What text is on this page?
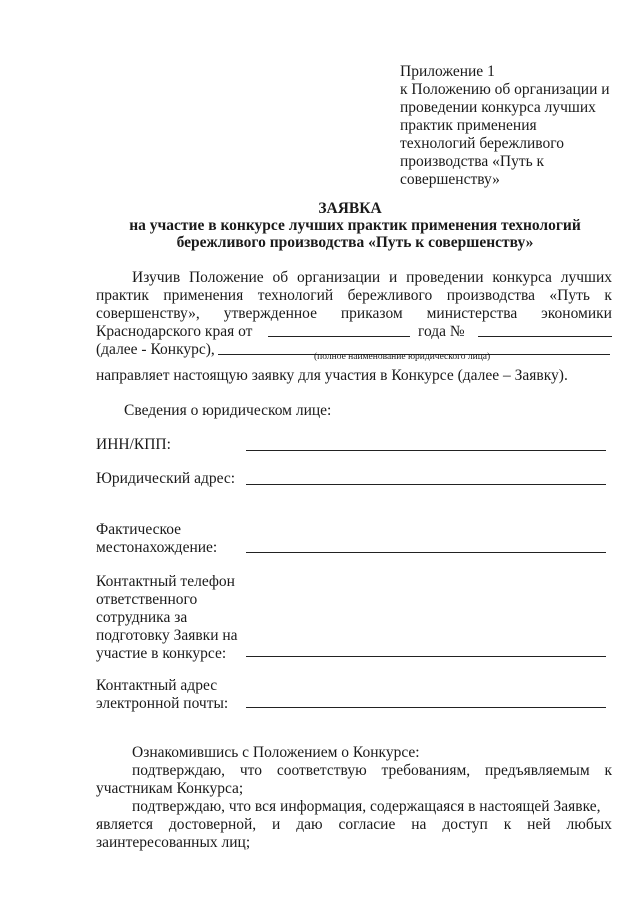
Приложение 1
к Положению об организации и
проведении конкурса лучших
практик применения
технологий бережливого
производства «Путь к
совершенству»
ЗАЯВКА
на участие в конкурсе лучших практик применения технологий
бережливого производства «Путь к совершенству»
Изучив Положение об организации и проведении конкурса лучших
практик применения технологий бережливого производства «Путь к
совершенству», утвержденное приказом министерства экономики
Краснодарского края от	года №
(далее - Конкурс),	(полное наименование юридического лица)
направляет настоящую заявку для участия в Конкурсе (далее – Заявку).
Сведения о юридическом лице:
ИНН/КПП:
Юридический адрес:
Фактическое
местонахождение:
Контактный телефон
ответственного
сотрудника за
подготовку Заявки на
участие в конкурсе:
Контактный адрес
электронной почты:
Ознакомившись с Положением о Конкурсе:
подтверждаю, что соответствую требованиям, предъявляемым к
участникам Конкурса;
подтверждаю, что вся информация, содержащаяся в настоящей Заявке,
является достоверной, и даю согласие на доступ к ней любых
заинтересованных лиц;
